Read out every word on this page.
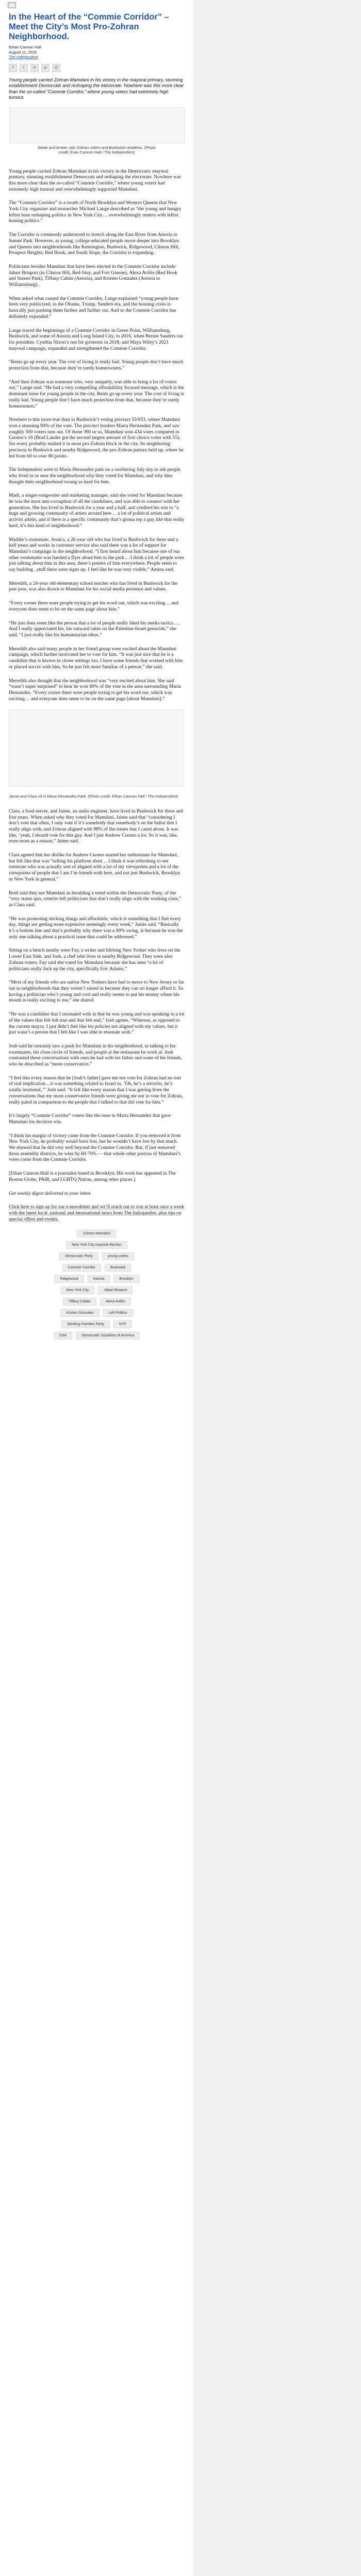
In the Heart of the “Commie Corridor” – Meet the City’s Most Pro-Zohran Neighborhood.
Ethan Cannon Hall
August 11, 2025
The Independent
f	t	in	✉	⎙

Young people carried Zohran Mamdani in his victory in the mayoral primary, stunning establishment Democrats and reshaping the electorate. Nowhere was this more clear than the so-called “Commie Corridor,” where young voters had extremely high turnout.

Wade and Amber, two Zohran voters and Bushwick residents. (Photo credit: Evan Cannon Hall / The Independent)

Young people carried Zohran Mamdani in his victory in the Democratic mayoral primary, stunning establishment Democrats and reshaping the electorate. Nowhere was this more clear than the so-called “Commie Corridor,” where young voters had extremely high turnout and overwhelmingly supported Mamdani.

The “Commie Corridor” is a swath of North Brooklyn and Western Queens that New York City organizer and researcher Michael Lange described as “the young and hungry leftist base reshaping politics in New York City… overwhelmingly renters with leftist leaning politics.”

The Corridor is commonly understood to stretch along the East River from Astoria to Sunset Park. However, as young, college-educated people move deeper into Brooklyn and Queens into neighborhoods like Kensington, Bushwick, Ridgewood, Clinton Hill, Prospect Heights, Red Hook, and South Slope, the Corridor is expanding.

Politicians besides Mamdani that have been elected in the Commie Corridor include Jabari Brisport (in Clinton Hill, Bed-Stuy, and Fort Greene), Alexa Avilés (Red Hook and Sunset Park), Tiffany Cabán (Astoria), and Kristen Gonzalez (Astoria to Williamsburg).

When asked what caused the Commie Corridor, Lange explained “young people have been very politicized, in the Obama, Trump, Sanders era, and the housing crisis is basically just pushing them further and further out. And so the Commie Corridor has definitely expanded.”

Lange traced the beginnings of a Commie Corridor in Green Point, Williamsburg, Bushwick, and some of Astoria and Long Island City, to 2016, when Bernie Sanders ran for president. Cynthia Nixon’s run for governor in 2018, and Maya Wiley’s 2021 mayoral campaign, expanded and strengthened the Commie Corridor.

“Rents go up every year. The cost of living is really bad. Young people don’t have much protection from that, because they’re rarely homeowners.”

“And then Zohran was someone who, very uniquely, was able to bring a lot of voters out,” Lange said. “He had a very compelling affordability focused message, which is the dominant issue for young people in the city. Rents go up every year. The cost of living is really bad. Young people don’t have much protection from that, because they’re rarely homeowners.”

Nowhere is this more true than in Bushwick’s voting precinct 53/053, where Mamdani won a stunning 90% of the vote. The precinct borders Maria Hernandez Park, and saw roughly 500 voters turn out. Of those 390 or so, Mamdani won 434 votes compared to Cuomo’s 18 (Brad Lander got the second largest amount of first choice votes with 55). Six every probably mailed it in most pro-Zohran block in the city. Its neighboring precincts in Bushwick and nearby Ridgewood, the pro-Zohran pattern held up, where he led from 60 to over 80 points.

The Independent went to Maria Hernandez park on a sweltering July day to ask people who lived in or near the neighborhood why they voted for Mamdani, and why they thought their neighborhood swung so hard for him.

Madi, a singer-songwriter and marketing manager, said she voted for Mamdani because he was the most anti-corruption of all the candidates, and was able to connect with her generation. She has lived in Bushwick for a year and a half, and credited his win to “a huge and growing community of artists around here… a lot of political artists and activist artists, and if there is a specific community that’s gonna rep a guy like that really hard, it’s this kind of neighborhood.”

Maddie’s roommate, Jessica, a 26-year old who has lived in Bushwick for three and a half years and works in customer service also said there was a lot of support for Mamdani’s campaign in the neighborhood. “I first heard about him because one of our other roommates was handed a flyer about him in the park… I think a lot of people were just talking about him in this area, there’s posters of him everywhere. People seem to say building _stuff there were signs up. I feel like he was very visible,” Amina said.

Meredith, a 24-year old elementary school teacher who has lived in Bushwick for the past year, was also drawn to Mamdani for his social media presence and values.

“Every corner there were people trying to get his word out, which was exciting… and everyone does seem to be on the same page about him.”

“He just does seem like the person that a lot of people really liked his media tactics…. And I really appreciated his, his outward takes on the Palestine-Israel genocide,” she said. “I just really like his humanitarian ideas.”

Meredith also said many people in her friend group were excited about the Mamdani campaign, which further motivated her to vote for him. “It was just nice that he is a candidate that is known in closer settings too. I have some friends that worked with him or placed soccer with him. So he just felt more familiar of a person,” she said.

Meredith also thought that the neighborhood was “very excited about him. She said “wasn’t super surprised” to hear he won 90% of the vote in the area surrounding Maria Hernandez. “Every corner there were people trying to get his word out, which was exciting… and everyone does seem to be on the same page [about Mamdani].”

Jamie and Clara sit in Maria Hernandez Park. (Photo credit: Ethan Cannon Hall / The Independent)

Clara, a food server, and Jaime, an audio engineer, have lived in Bushwick for three and five years. When asked why they voted for Mamdani, Jaime said that “considering I don’t vote that often, I only vote if it’s somebody that somebody’s on the ballot that I really align with, and Zohran aligned with 98% of the issues that I cared about. It was like, ‘yeah, I should vote for this guy. And I just Andrew Cuomo a lot. So it was, like, even more as a reason,” Jaime said.

Clara agreed that her dislike for Andrew Cuomo started her enthusiasm for Mamdani, but felt like that was “selling his platform short… I think it was refreshing to see someone who was actually sort of aligned with a lot of my viewpoints and a lot of the viewpoints of people that I am I’m friends with here, and not just Bushwick, Brooklyn or New York in general.”

Both said they see Mamdani as heralding a trend within the Democratic Party, of the “very status quo, centrist-left politicians that don’t really align with the working class,” as Clara said.

“He was promoting sticking things and affordable, which is something that I feel every day, things are getting more expensive seemingly every week,” Jamie said. “Basically it’s a bottom line and that’s probably why there was a 90% swing, is because he was the only one talking about a practical issue that could be addressed.”

Sitting on a bench nearby were Fay, a writer and lifelong New Yorker who lives on the Lower East Side, and Josh, a chef who lives in nearby Ridgewood. They were also Zohran-voters. Fay said she voted for Mamdani because she has seen “a lot of politicians really fuck up the city, specifically Eric Adams.”

“Most of my friends who are native New Yorkers have had to move to New Jersey or far out in neighborhoods that they weren’t raised in because they can no longer afford it. So having a politician who’s young and cool and really seems to put his money where his mouth is really exciting to me,” she shared.

“He was a candidate that I resonated with in that he was young and was speaking to a lot of the values that felt felt true and that felt real,” Josh agrees. “Whereas, as opposed to the current mayor, I just didn’t feel like his policies not aligned with my values, but it just wasn’t a person that I felt like I was able to resonate with.”

Josh said he certainly saw a push for Mamdani in his neighborhood, in talking to his roommates, his close circle of friends, and people at the restaurant he work at. Josh contrasted these conversations with ones he had with his father and some of his friends, who he described as “more conservative.”

“I feel like every reason that he [Josh’s father] gave me not vote for Zohran had no sort of real implication…it was something related to Israel or, ‘Oh, he’s a terrorist, he’s totally irrational,’” Josh said. “It felt like every reason that I was getting from the conversations that my more conservative friends were giving me not to vote for Zohran, really paled in comparison to the people that I talked to that did vote for him.”

It’s largely “Commie Corridor” voters like the ones in Maria Hernandez that gave Mamdani his decisive win.

“I think his margin of victory came from the Commie Corridor. If you removed it from New York City, he probably would have lost, but he wouldn’t have lost by that much. We showed that he did very well beyond the Commie Corridor. But, if just removed those assembly districts, he wins by 60-70% — that whole other portion of Mamdani’s votes come from the Commie Corridor.

[Ethan Cannon-Hall is a journalist based in Brooklyn. His work has appeared in The Boston Globe, PAIR, and LGBTQ Nation, among other places.]

Get weekly digest delivered to your inbox

Click here to sign up for our e-newsletter and we’ll reach out to you at least once a week with the latest local, national and international news from The Indygandist, plus tips on special offers and events.

Zohran Mamdani
New York City mayoral election
Democratic Party	young voters
Commie Corridor	Bushwick
Ridgewood	Astoria	Brooklyn
New York City	Jabari Brisport
Tiffany Cabán	Alexa Avilés
Kristen Gonzalez	Left Politics
Working Families Party	NYF
DSA	Democratic Socialists of America
